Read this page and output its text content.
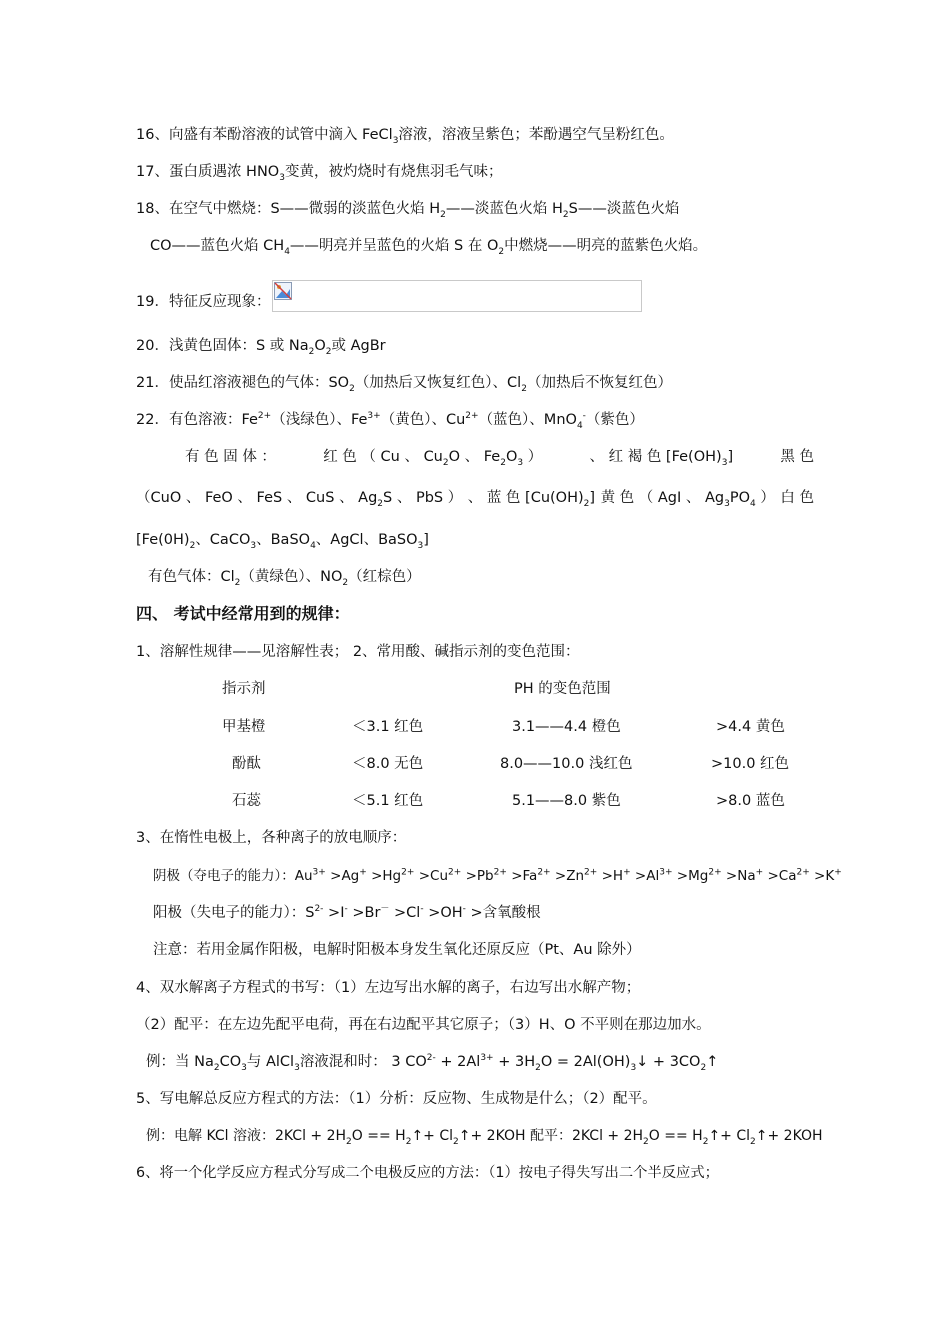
16、向盛有苯酚溶液的试管中滴入 FeCl$_3$溶液，溶液呈紫色；苯酚遇空气呈粉红色。
17、蛋白质遇浓 $HNO_3$变黄，被灼烧时有烧焦羽毛气味；
18、在空气中燃烧：S——微弱的淡蓝色火焰 $H_2——$淡蓝色火焰 $H_2S——$淡蓝色火焰
CO——蓝色火焰 $CH_4——$明亮并呈蓝色的火焰 S 在 $O_2$中燃烧——明亮的蓝紫色火焰。
19．特征反应现象：
20．浅黄色固体：S 或 $Na_2O_2$或 AgBr
21．使品红溶液褪色的气体：$SO_2$（加热后又恢复红色）、$Cl_2$（加热后不恢复红色）
22．有色溶液：$Fe^{2+}$（浅绿色）、$Fe^{3+}$（黄色）、$Cu^{2+}$（蓝色）、MnO$_4$-（紫色）
有 色 固 体 ：	红 色 （ Cu 、 $Cu_2O$ 、 $Fe_2O_3$ ）	、 红 褐 色 $[Fe(OH)_3]$	黑 色
（CuO 、 FeO 、 FeS 、 CuS 、 $Ag_2S$ 、 PbS ） 、 蓝 色 $[Cu(OH)_2]$ 黄 色 （ AgI 、 $Ag_3PO_4$ ） 白 色
[$Fe(0H)_2$、CaCO$_3$、BaSO$_4$、AgCl、BaSO$_3$]
有色气体：$Cl_2$（黄绿色）、$NO_2$（红棕色）
四、 考试中经常用到的规律：
1、溶解性规律——见溶解性表； 2、常用酸、碱指示剂的变色范围：
指示剂	PH 的变色范围
甲基橙	＜3.1 红色	3.1——4.4 橙色	>4.4 黄色
酚酞	＜8.0 无色	8.0——10.0 浅红色	>10.0 红色
石蕊	＜5.1 红色	5.1——8.0 紫色	>8.0 蓝色
3、在惰性电极上，各种离子的放电顺序：
阴极（夺电子的能力）：$Au^{3+} >Ag^+ >Hg^{2+} >Cu^{2+} >Pb^{2+} >Fa^{2+} >Zn^{2+} >H^+ >Al^{3+} >Mg^{2+} >Na^+ >Ca^{2+} >K^+$
阳极（失电子的能力）：$S^{2-} >I^- >Br^- >Cl^- >OH^-$ >含氧酸根
注意：若用金属作阳极，电解时阳极本身发生氧化还原反应（Pt、Au 除外）
4、双水解离子方程式的书写：（1）左边写出水解的离子，右边写出水解产物；
（2）配平：在左边先配平电荷，再在右边配平其它原子；（3）H、O 不平则在那边加水。
例：当 $Na_2CO_3$与 AlCl$_3$溶液混和时： 3 $CO^{2-} + 2Al^{3+} + 3H_2O$ = $2Al(OH)_3↓$ + $3CO_2↑$
5、写电解总反应方程式的方法：（1）分析：反应物、生成物是什么；（2）配平。
例：电解 KCl 溶液：$2KCl + 2H_2O$ == $H_2↑+$ $Cl_2↑+ 2KOH$ 配平：$2KCl + 2H_2O$ == $H_2↑+$ $Cl_2↑+ 2KOH$
6、将一个化学反应方程式分写成二个电极反应的方法：（1）按电子得失写出二个半反应式；
